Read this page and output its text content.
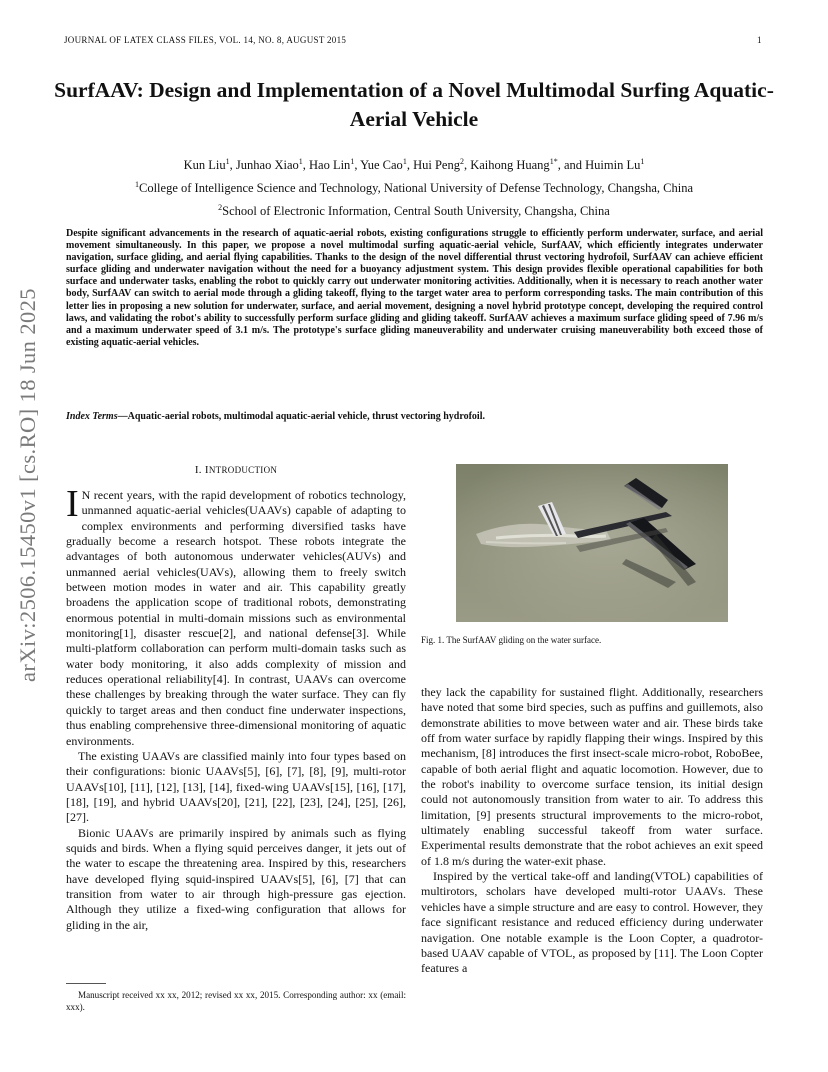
JOURNAL OF LATEX CLASS FILES, VOL. 14, NO. 8, AUGUST 2015	1
arXiv:2506.15450v1 [cs.RO] 18 Jun 2025
SurfAAV: Design and Implementation of a Novel Multimodal Surfing Aquatic-Aerial Vehicle
Kun Liu$^1$, Junhao Xiao$^1$, Hao Lin$^1$, Yue Cao$^1$, Hui Peng$^2$, Kaihong Huang$^{1*}$, and Huimin Lu$^1$
$^1$College of Intelligence Science and Technology, National University of Defense Technology, Changsha, China
$^2$School of Electronic Information, Central South University, Changsha, China
Despite significant advancements in the research of aquatic-aerial robots, existing configurations struggle to efficiently perform underwater, surface, and aerial movement simultaneously. In this paper, we propose a novel multimodal surfing aquatic-aerial vehicle, SurfAAV, which efficiently integrates underwater navigation, surface gliding, and aerial flying capabilities. Thanks to the design of the novel differential thrust vectoring hydrofoil, SurfAAV can achieve efficient surface gliding and underwater navigation without the need for a buoyancy adjustment system. This design provides flexible operational capabilities for both surface and underwater tasks, enabling the robot to quickly carry out underwater monitoring activities. Additionally, when it is necessary to reach another water body, SurfAAV can switch to aerial mode through a gliding takeoff, flying to the target water area to perform corresponding tasks. The main contribution of this letter lies in proposing a new solution for underwater, surface, and aerial movement, designing a novel hybrid prototype concept, developing the required control laws, and validating the robot's ability to successfully perform surface gliding and gliding takeoff. SurfAAV achieves a maximum surface gliding speed of 7.96 m/s and a maximum underwater speed of 3.1 m/s. The prototype's surface gliding maneuverability and underwater cruising maneuverability both exceed those of existing aquatic-aerial vehicles.
Index Terms—Aquatic-aerial robots, multimodal aquatic-aerial vehicle, thrust vectoring hydrofoil.
I. INTRODUCTION

I N recent years, with the rapid development of robotics technology, unmanned aquatic-aerial vehicles(UAAVs) capable of adapting to complex environments and performing diversified tasks have gradually become a research hotspot. These robots integrate the advantages of both autonomous underwater vehicles(AUVs) and unmanned aerial vehicles(UAVs), allowing them to freely switch between motion modes in water and air. This capability greatly broadens the application scope of traditional robots, demonstrating enormous potential in multi-domain missions such as environmental monitoring[1], disaster rescue[2], and national defense[3]. While multi-platform collaboration can perform multi-domain tasks such as water body monitoring, it also adds complexity of mission and reduces operational reliability[4]. In contrast, UAAVs can overcome these challenges by breaking through the water surface. They can fly quickly to target areas and then conduct fine underwater inspections, thus enabling comprehensive three-dimensional monitoring of aquatic environments.

The existing UAAVs are classified mainly into four types based on their configurations: bionic UAAVs[5], [6], [7], [8], [9], multi-rotor UAAVs[10], [11], [12], [13], [14], fixed-wing UAAVs[15], [16], [17], [18], [19], and hybrid UAAVs[20], [21], [22], [23], [24], [25], [26], [27].

Bionic UAAVs are primarily inspired by animals such as flying squids and birds. When a flying squid perceives danger, it jets out of the water to escape the threatening area. Inspired by this, researchers have developed flying squid-inspired UAAVs[5], [6], [7] that can transition from water to air through high-pressure gas ejection. Although they utilize a fixed-wing configuration that allows for gliding in the air,

Manuscript received xx xx, 2012; revised xx xx, 2015. Corresponding author: xx (email: xxx).
Fig. 1. The SurfAAV gliding on the water surface.

they lack the capability for sustained flight. Additionally, researchers have noted that some bird species, such as puffins and guillemots, also demonstrate abilities to move between water and air. These birds take off from water surface by rapidly flapping their wings. Inspired by this mechanism, [8] introduces the first insect-scale micro-robot, RoboBee, capable of both aerial flight and aquatic locomotion. However, due to the robot's inability to overcome surface tension, its initial design could not autonomously transition from water to air. To address this limitation, [9] presents structural improvements to the micro-robot, ultimately enabling successful takeoff from water surface. Experimental results demonstrate that the robot achieves an exit speed of 1.8 m/s during the water-exit phase.

Inspired by the vertical take-off and landing(VTOL) capabilities of multirotors, scholars have developed multi-rotor UAAVs. These vehicles have a simple structure and are easy to control. However, they face significant resistance and reduced efficiency during underwater navigation. One notable example is the Loon Copter, a quadrotor-based UAAV capable of VTOL, as proposed by [11]. The Loon Copter features a
